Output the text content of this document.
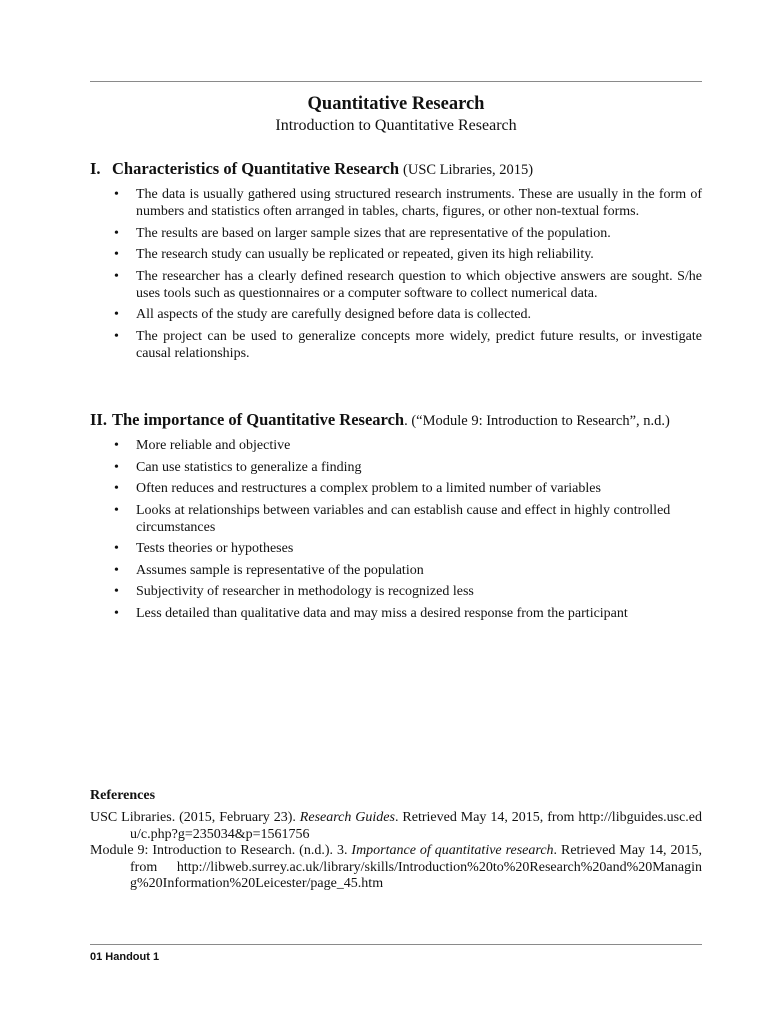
Quantitative Research
Introduction to Quantitative Research
I. Characteristics of Quantitative Research (USC Libraries, 2015)
• The data is usually gathered using structured research instruments. These are usually in the form of numbers and statistics often arranged in tables, charts, figures, or other non-textual forms.
• The results are based on larger sample sizes that are representative of the population.
• The research study can usually be replicated or repeated, given its high reliability.
• The researcher has a clearly defined research question to which objective answers are sought. S/he uses tools such as questionnaires or a computer software to collect numerical data.
• All aspects of the study are carefully designed before data is collected.
• The project can be used to generalize concepts more widely, predict future results, or investigate causal relationships.
II. The importance of Quantitative Research. (“Module 9: Introduction to Research”, n.d.)
• More reliable and objective
• Can use statistics to generalize a finding
• Often reduces and restructures a complex problem to a limited number of variables
• Looks at relationships between variables and can establish cause and effect in highly controlled circumstances
• Tests theories or hypotheses
• Assumes sample is representative of the population
• Subjectivity of researcher in methodology is recognized less
• Less detailed than qualitative data and may miss a desired response from the participant
References
USC Libraries. (2015, February 23). Research Guides. Retrieved May 14, 2015, from http://libguides.usc.edu/c.php?g=235034&p=1561756
Module 9: Introduction to Research. (n.d.). 3. Importance of quantitative research. Retrieved May 14, 2015, from http://libweb.surrey.ac.uk/library/skills/Introduction%20to%20Research%20and%20Managing%20Information%20Leicester/page_45.htm
01 Handout 1
